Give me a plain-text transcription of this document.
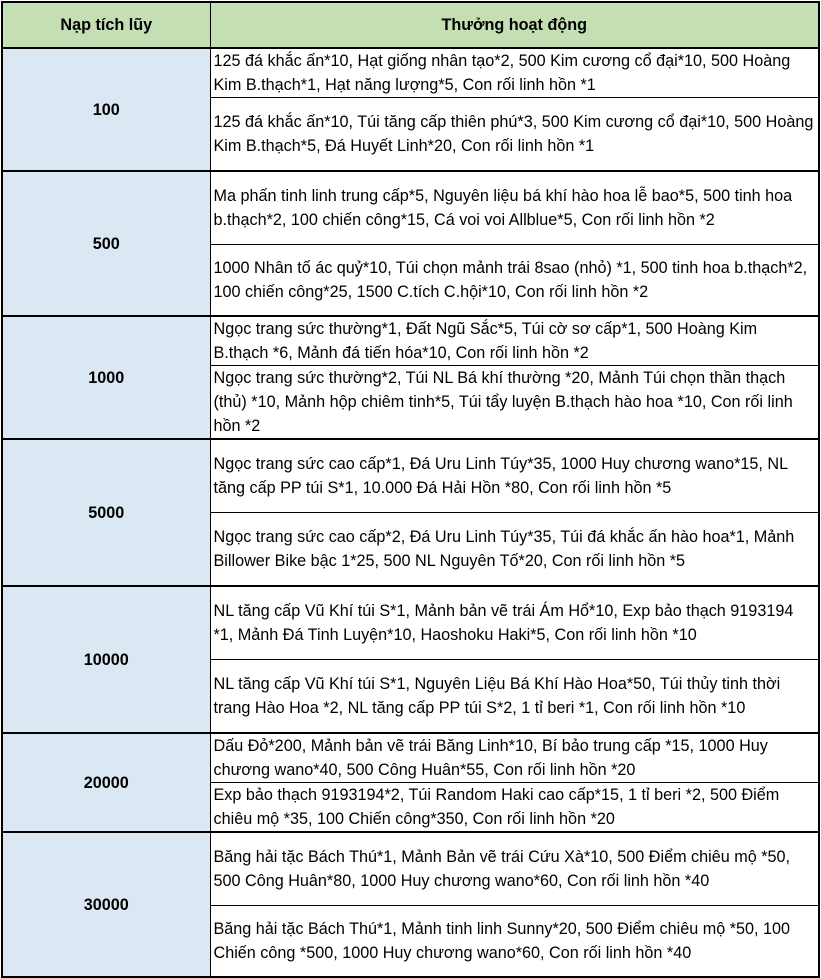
Nạp tích lũy	Thưởng hoạt động
100	125 đá khắc ấn*10, Hạt giống nhân tạo*2, 500 Kim cương cổ đại*10, 500 Hoàng Kim B.thạch*1, Hạt năng lượng*5, Con rối linh hồn *1
	125 đá khắc ấn*10, Túi tăng cấp thiên phú*3, 500 Kim cương cổ đại*10, 500 Hoàng Kim B.thạch*5, Đá Huyết Linh*20, Con rối linh hồn *1
500	Ma phấn tinh linh trung cấp*5, Nguyên liệu bá khí hào hoa lễ bao*5, 500 tinh hoa b.thạch*2, 100 chiến công*15, Cá voi voi Allblue*5, Con rối linh hồn *2
	1000 Nhân tố ác quỷ*10, Túi chọn mảnh trái 8sao (nhỏ) *1, 500 tinh hoa b.thạch*2, 100 chiến công*25, 1500 C.tích C.hội*10, Con rối linh hồn *2
1000	Ngọc trang sức thường*1, Đất Ngũ Sắc*5, Túi cờ sơ cấp*1, 500 Hoàng Kim B.thạch *6, Mảnh đá tiến hóa*10, Con rối linh hồn *2
	Ngọc trang sức thường*2, Túi NL Bá khí thường *20, Mảnh Túi chọn thần thạch (thủ) *10, Mảnh hộp chiêm tinh*5, Túi tẩy luyện B.thạch hào hoa *10, Con rối linh hồn *2
5000	Ngọc trang sức cao cấp*1, Đá Uru Linh Túy*35, 1000 Huy chương wano*15, NL tăng cấp PP túi S*1, 10.000 Đá Hải Hồn *80, Con rối linh hồn *5
	Ngọc trang sức cao cấp*2, Đá Uru Linh Túy*35, Túi đá khắc ấn hào hoa*1, Mảnh Billower Bike bậc 1*25, 500 NL Nguyên Tố*20, Con rối linh hồn *5
10000	NL tăng cấp Vũ Khí túi S*1, Mảnh bản vẽ trái Ám Hổ*10, Exp bảo thạch 9193194 *1, Mảnh Đá Tinh Luyện*10, Haoshoku Haki*5, Con rối linh hồn *10
	NL tăng cấp Vũ Khí túi S*1, Nguyên Liệu Bá Khí Hào Hoa*50, Túi thủy tinh thời trang Hào Hoa *2, NL tăng cấp PP túi S*2, 1 tỉ beri *1, Con rối linh hồn *10
20000	Dấu Đỏ*200, Mảnh bản vẽ trái Băng Linh*10, Bí bảo trung cấp *15, 1000 Huy chương wano*40, 500 Công Huân*55, Con rối linh hồn *20
	Exp bảo thạch 9193194*2, Túi Random Haki cao cấp*15, 1 tỉ beri *2, 500 Điểm chiêu mộ *35, 100 Chiến công*350, Con rối linh hồn *20
30000	Băng hải tặc Bách Thú*1, Mảnh Bản vẽ trái Cứu Xà*10, 500 Điểm chiêu mộ *50, 500 Công Huân*80, 1000 Huy chương wano*60, Con rối linh hồn *40
	Băng hải tặc Bách Thú*1, Mảnh tinh linh Sunny*20, 500 Điểm chiêu mộ *50, 100 Chiến công *500, 1000 Huy chương wano*60, Con rối linh hồn *40
